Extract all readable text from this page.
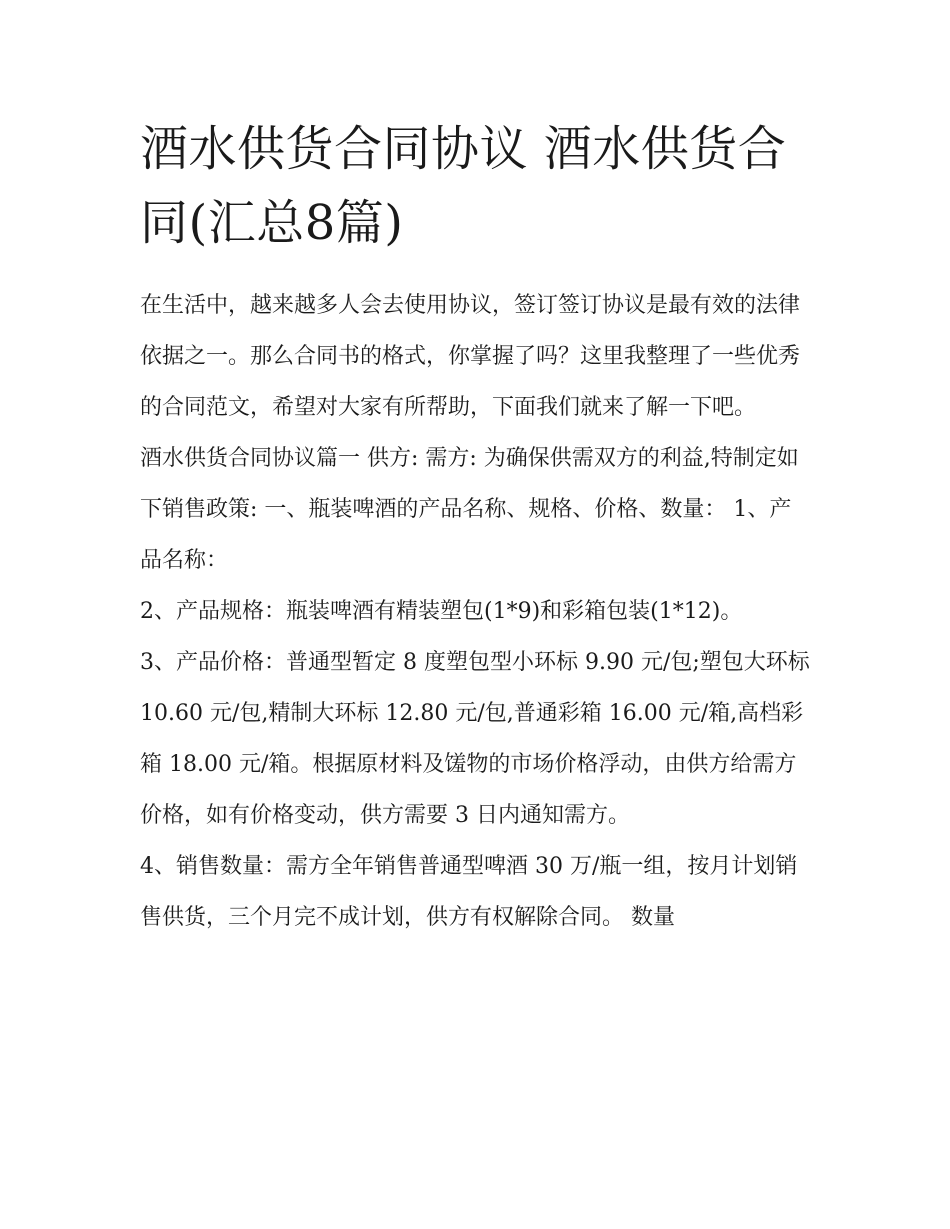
酒水供货合同协议 酒水供货合同(汇总8篇)

在生活中，越来越多人会去使用协议，签订签订协议是最有效的法律依据之一。那么合同书的格式，你掌握了吗？这里我整理了一些优秀的合同范文，希望对大家有所帮助，下面我们就来了解一下吧。

酒水供货合同协议篇一 供方: 需方: 为确保供需双方的利益,特制定如下销售政策: 一、瓶装啤酒的产品名称、规格、价格、数量： 1、产品名称：

2、产品规格：瓶装啤酒有精装塑包(1*9)和彩箱包装(1*12)。

3、产品价格：普通型暂定 8 度塑包型小环标 9.90 元/包;塑包大环标 10.60 元/包,精制大环标 12.80 元/包,普通彩箱 16.00 元/箱,高档彩箱 18.00 元/箱。根据原材料及馐物的市场价格浮动，由供方给需方价格，如有价格变动，供方需要 3 日内通知需方。

4、销售数量：需方全年销售普通型啤酒 30 万/瓶一组，按月计划销售供货，三个月完不成计划，供方有权解除合同。 数量
